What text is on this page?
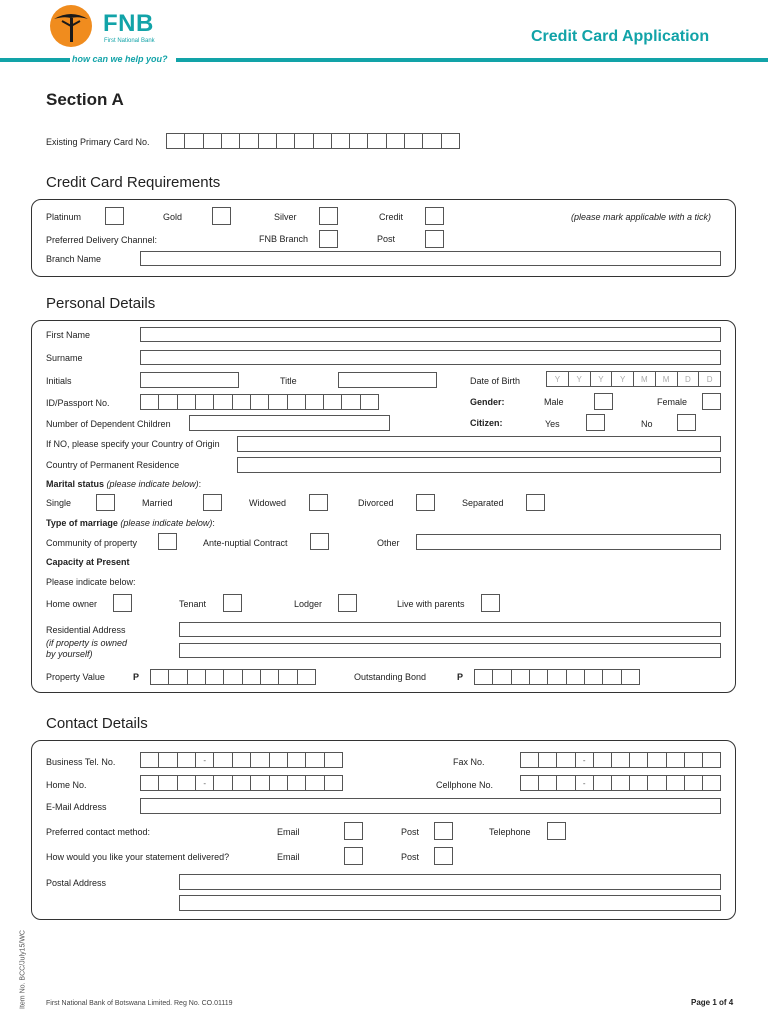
FNB
First National Bank
how can we help you?
Credit Card Application
Section A
Existing Primary Card No.
Credit Card Requirements
Platinum	Gold	Silver	Credit	(please mark applicable with a tick)
Preferred Delivery Channel:	FNB Branch	Post
Branch Name
Personal Details
First Name
Surname
Initials	Title	Date of Birth	Y	Y	Y	Y	M	M	D	D
ID/Passport No.	Gender:	Male	Female
Number of Dependent Children	Citizen:	Yes	No
If NO, please specify your Country of Origin
Country of Permanent Residence
Marital status (please indicate below):
Single	Married	Widowed	Divorced	Separated
Type of marriage (please indicate below):
Community of property	Ante-nuptial Contract	Other
Capacity at Present
Please indicate below:
Home owner	Tenant	Lodger	Live with parents
Residential Address
(if property is owned
by yourself)
Property Value	P	Outstanding Bond	P
Contact Details
Business Tel. No.	-	Fax No.	-
Home No.	-	Cellphone No.	-
E-Mail Address
Preferred contact method:	Email	Post	Telephone
How would you like your statement delivered?	Email	Post
Postal Address
Item No. BCC/July15/WC	First National Bank of Botswana Limited. Reg No. CO.01119	Page 1 of 4
